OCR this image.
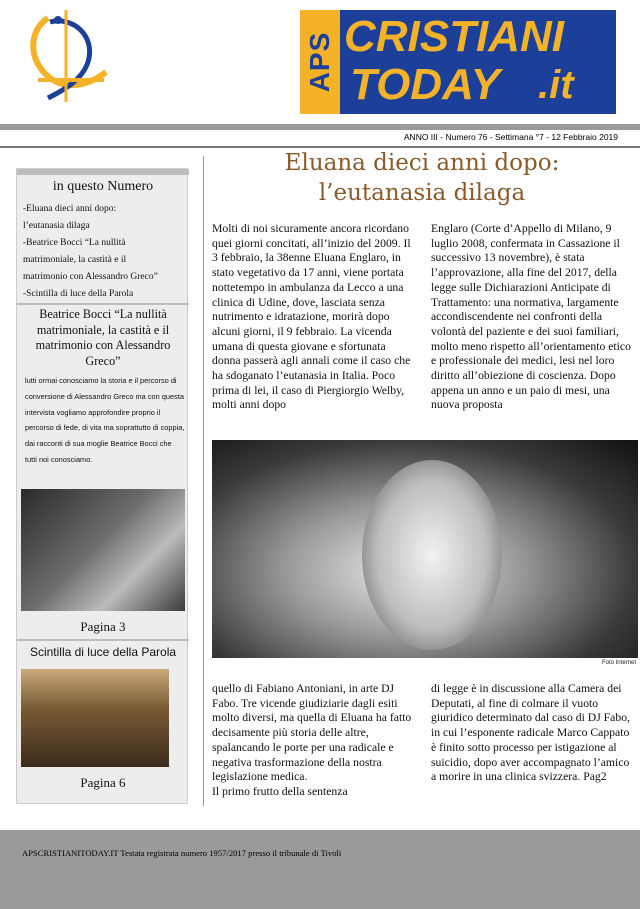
APS CRISTIANI
TODAY .it
ANNO III - Numero 76 - Settimana °7 - 12 Febbraio 2019
in questo Numero
-Eluana dieci anni dopo:
l’eutanasia dilaga
-Beatrice Bocci “La nullità
matrimoniale, la castità e il
matrimonio con Alessandro Greco”
-Scintilla di luce della Parola
Beatrice Bocci “La nullità matrimoniale, la castità e il matrimonio con Alessandro Greco”
lutti ormai conosciamo la storia e il percorso di conversione di Alessandro Greco ma con questa intervista vogliamo approfondire proprio il percorso di fede, di vita ma soprattutto di coppia, dai racconti di sua moglie Beatrice Bocci che tutti noi conosciamo.
Pagina 3
Scintilla di luce della Parola
Pagina 6
Eluana dieci anni dopo:
l’eutanasia dilaga
Molti di noi sicuramente ancora ricordano quei giorni concitati, all’inizio del 2009. Il 3 febbraio, la 38enne Eluana Englaro, in stato vegetativo da 17 anni, viene portata nottetempo in ambulanza da Lecco a una clinica di Udine, dove, lasciata senza nutrimento e idratazione, morirà dopo alcuni giorni, il 9 febbraio. La vicenda umana di questa giovane e sfortunata donna passerà agli annali come il caso che ha sdoganato l’eutanasia in Italia. Poco prima di lei, il caso di Piergiorgio Welby, molti anni dopo
Englaro (Corte d’Appello di Milano, 9 luglio 2008, confermata in Cassazione il successivo 13 novembre), è stata l’approvazione, alla fine del 2017, della legge sulle Dichiarazioni Anticipate di Trattamento: una normativa, largamente accondiscendente nei confronti della volontà del paziente e dei suoi familiari, molto meno rispetto all’orientamento etico e professionale dei medici, lesi nel loro diritto all’obiezione di coscienza. Dopo appena un anno e un paio di mesi, una nuova proposta
Foto Internet
quello di Fabiano Antoniani, in arte DJ Fabo. Tre vicende giudiziarie dagli esiti molto diversi, ma quella di Eluana ha fatto decisamente più storia delle altre, spalancando le porte per una radicale e negativa trasformazione della nostra legislazione medica.
Il primo frutto della sentenza
di legge è in discussione alla Camera dei Deputati, al fine di colmare il vuoto giuridico determinato dal caso di DJ Fabo, in cui l’esponente radicale Marco Cappato è finito sotto processo per istigazione al suicidio, dopo aver accompagnato l’amico a morire in una clinica svizzera. Pag2
APSCRISTIANITODAY.IT Testata registrata numero 1957/2017 presso il tribunale di Tivoli
